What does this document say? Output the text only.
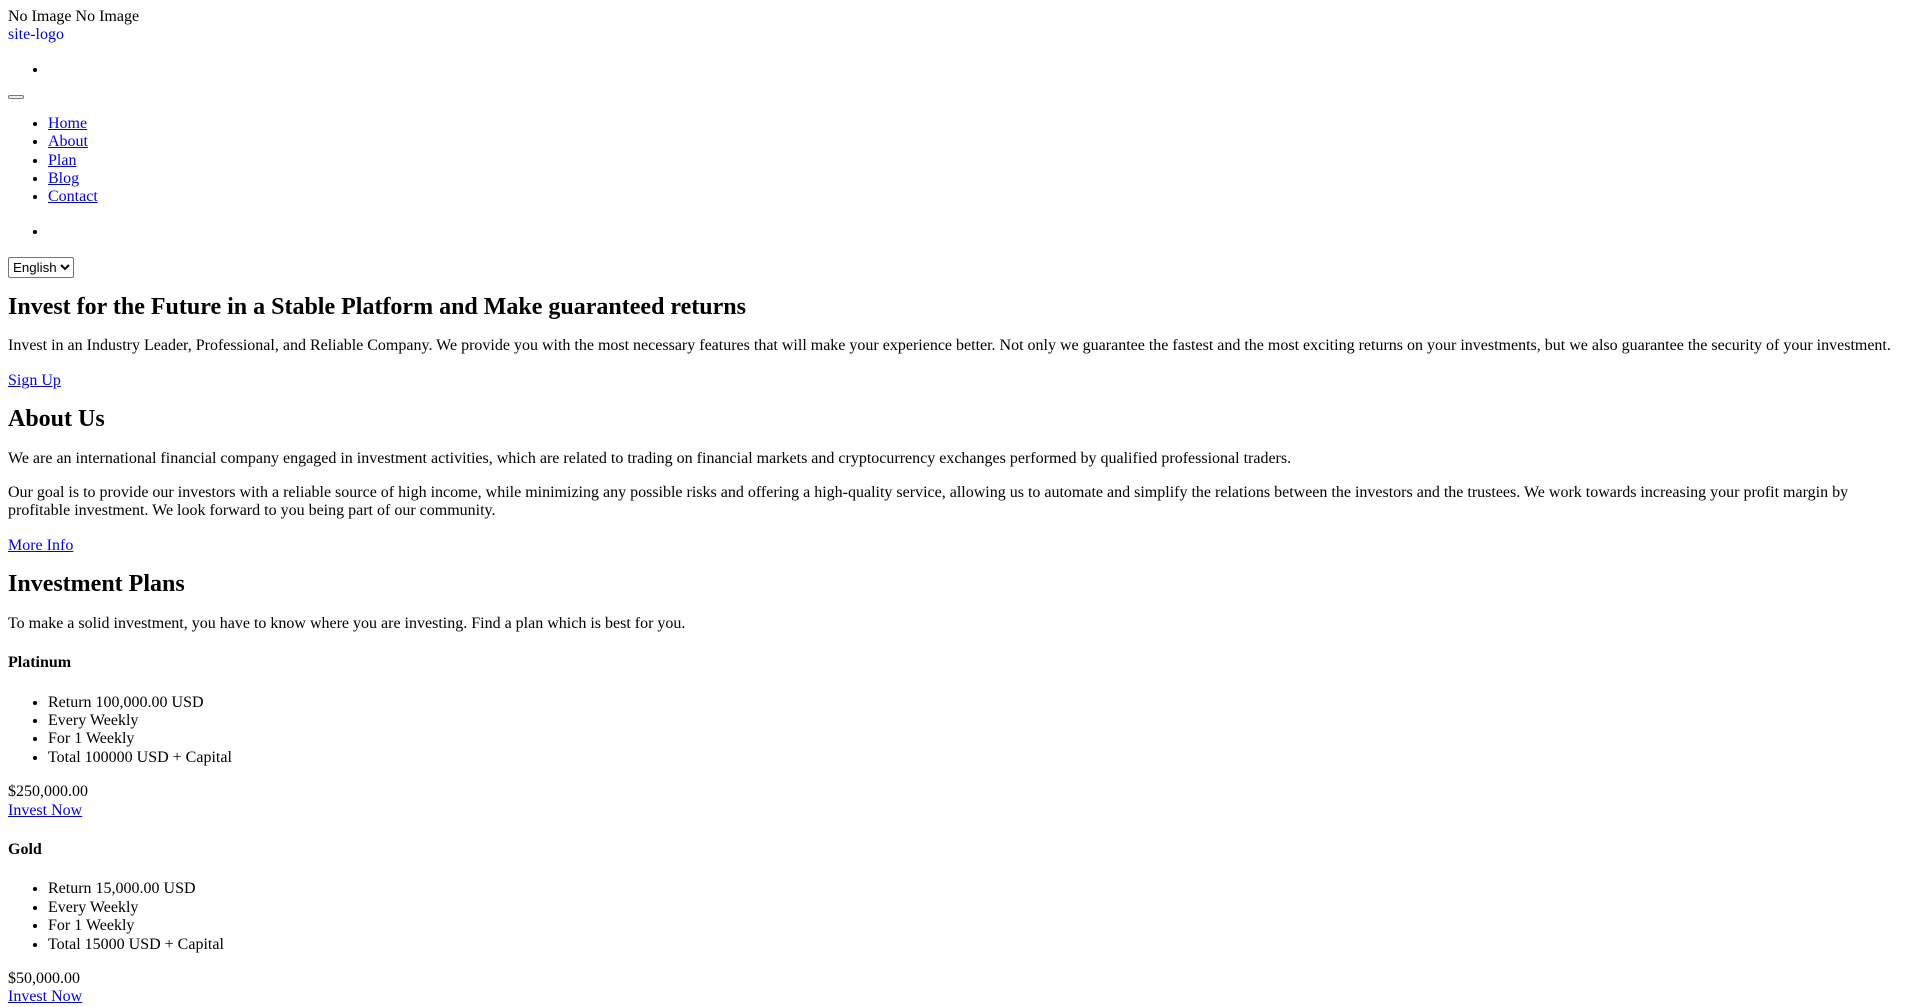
No Image No Image
site-logo
•
• Home
• About
• Plan
• Blog
• Contact
•
English
Invest for the Future in a Stable Platform and Make guaranteed returns

Invest in an Industry Leader, Professional, and Reliable Company. We provide you with the most necessary features that will make your experience better. Not only we guarantee the fastest and the most exciting returns on your investments, but we also guarantee the security of your investment.

Sign Up
About Us

We are an international financial company engaged in investment activities, which are related to trading on financial markets and cryptocurrency exchanges performed by qualified professional traders.

Our goal is to provide our investors with a reliable source of high income, while minimizing any possible risks and offering a high-quality service, allowing us to automate and simplify the relations between the investors and the trustees. We work towards increasing your profit margin by profitable investment. We look forward to you being part of our community.

More Info
Investment Plans

To make a solid investment, you have to know where you are investing. Find a plan which is best for you.

Platinum
• Return 100,000.00 USD
• Every Weekly
• For 1 Weekly
• Total 100000 USD + Capital
$250,000.00
Invest Now
Gold
• Return 15,000.00 USD
• Every Weekly
• For 1 Weekly
• Total 15000 USD + Capital
$50,000.00
Invest Now
